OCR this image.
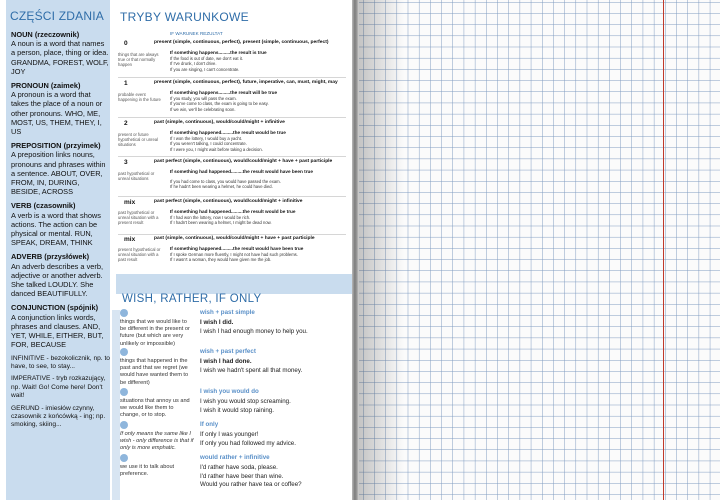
CZĘŚCI ZDANIA
NOUN (rzeczownik)
A noun is a word that names a person, place, thing or idea. GRANDMA, FOREST, WOLF, JOY
PRONOUN (zaimek)
A pronoun is a word that takes the place of a noun or other pronouns. WHO, ME, MOST, US, THEM, THEY, I, US
PREPOSITION (przyimek)
A preposition links nouns, pronouns and phrases within a sentence. ABOUT, OVER, FROM, IN, DURING, BESIDE, ACROSS
VERB (czasownik)
A verb is a word that shows actions. The action can be physical or mental. RUN, SPEAK, DREAM, THINK
ADVERB (przysłówek)
An adverb describes a verb, adjective or another adverb. She talked LOUDLY. She danced BEAUTIFULLY.
CONJUNCTION (spójnik)
A conjunction links words, phrases and clauses. AND, YET, WHILE, EITHER, BUT, FOR, BECAUSE
INFINITIVE - bezokolicznik, np. to have, to see, to stay...
IMPERATIVE - tryb rozkazujący, np. Wait! Go! Come here! Don't wait!
GERUND - imiesłów czynny, czasownik z końcówką - ing; np. smoking, skiing...
TRYBY WARUNKOWE
IF WARUNEK REZULTAT
0	present (simple, continuous, perfect), present (simple, continuous, perfect)
things that are always true or that normally happen
If something happens.........the result is true
If the food is out of date, we don't eat it.
If I've drunk, I don't drive.
If you are singing, I can't concentrate.
1	present (simple, continuous, perfect), future, imperative, can, must, might, may
probable event happening in the future
If something happens.........the result will be true
If you study, you will pass the exam.
If you've come to class, the exam is going to be easy.
If we win, we'll be celebrating soon.
2	past (simple, continuous), would/could/might + infinitive
present or future hypothetical or unreal situations
If something happened.........the result would be true
If I won the lottery, I would buy a yacht.
If you weren't talking, I could concentrate.
If I were you, I might wait before taking a decision.
3	past perfect (simple, continuous), would/could/might + have + past participle
past hypothetical or unreal situations
If something had happened.........the result would have been true
If you had come to class, you would have passed the exam.
If he hadn't been wearing a helmet, he could have died.
mix	past perfect (simple, continuous), would/could/might + infinitive
past hypothetical or unreal situation with a present result
If something had happened.........the result would be true
If I had won the lottery, now I would be rich.
If I hadn't been wearing a helmet, I might be dead now.
mix	past (simple, continuous), would/could/might + have + past participle
present hypothetical or unreal situation with a past result
If something happened.........the result would have been true
If I spoke German more fluently, I might not have had such problems.
If I wasn't a woman, they would have given me the job.
WISH, RATHER, IF ONLY
wish + past simple
things that we would like to be different in the present or future (but which are very unlikely or impossible)
I wish I did.
I wish I had enough money to help you.
wish + past perfect
things that happened in the past and that we regret (we would have wanted them to be different)
I wish I had done.
I wish we hadn't spent all that money.
I wish you would do
situations that annoy us and we would like them to change, or to stop.
I wish you would stop screaming.
I wish it would stop raining.
If only
If only means the same like I wish - only difference is that if only is more emphatic.
If only I was younger!
If only you had followed my advice.
would rather + infinitive
we use it to talk about preference.
I'd rather have soda, please.
I'd rather have beer than wine.
Would you rather have tea or coffee?
